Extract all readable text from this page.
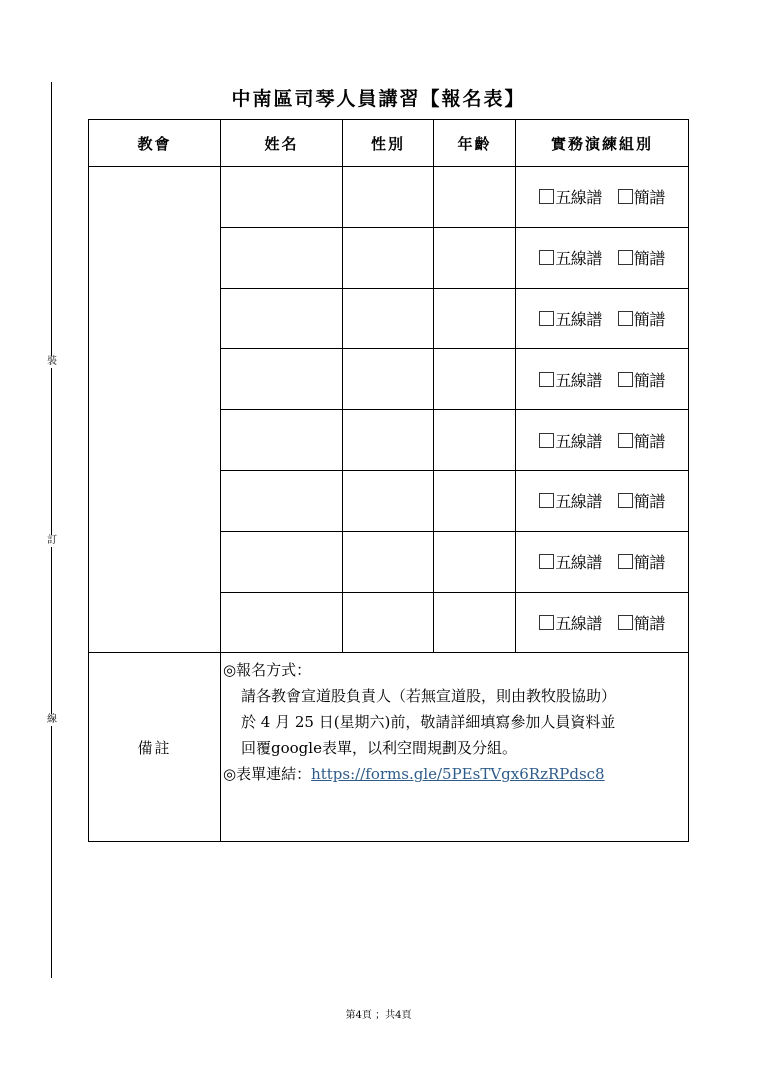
裝
訂
線
中南區司琴人員講習【報名表】
教會	姓名	性別	年齡	實務演練組別

				五線譜 簡譜

				五線譜 簡譜

				五線譜 簡譜

				五線譜 簡譜

				五線譜 簡譜

				五線譜 簡譜

				五線譜 簡譜

				五線譜 簡譜

備註	◎報名方式：
請各教會宣道股負責人（若無宣道股，則由教牧股協助）
於 4 月 25 日(星期六)前，敬請詳細填寫參加人員資料並
回覆google表單，以利空間規劃及分組。
◎表單連結：https://forms.gle/5PEsTVgx6RzRPdsc8			
第4頁 ；共4頁
